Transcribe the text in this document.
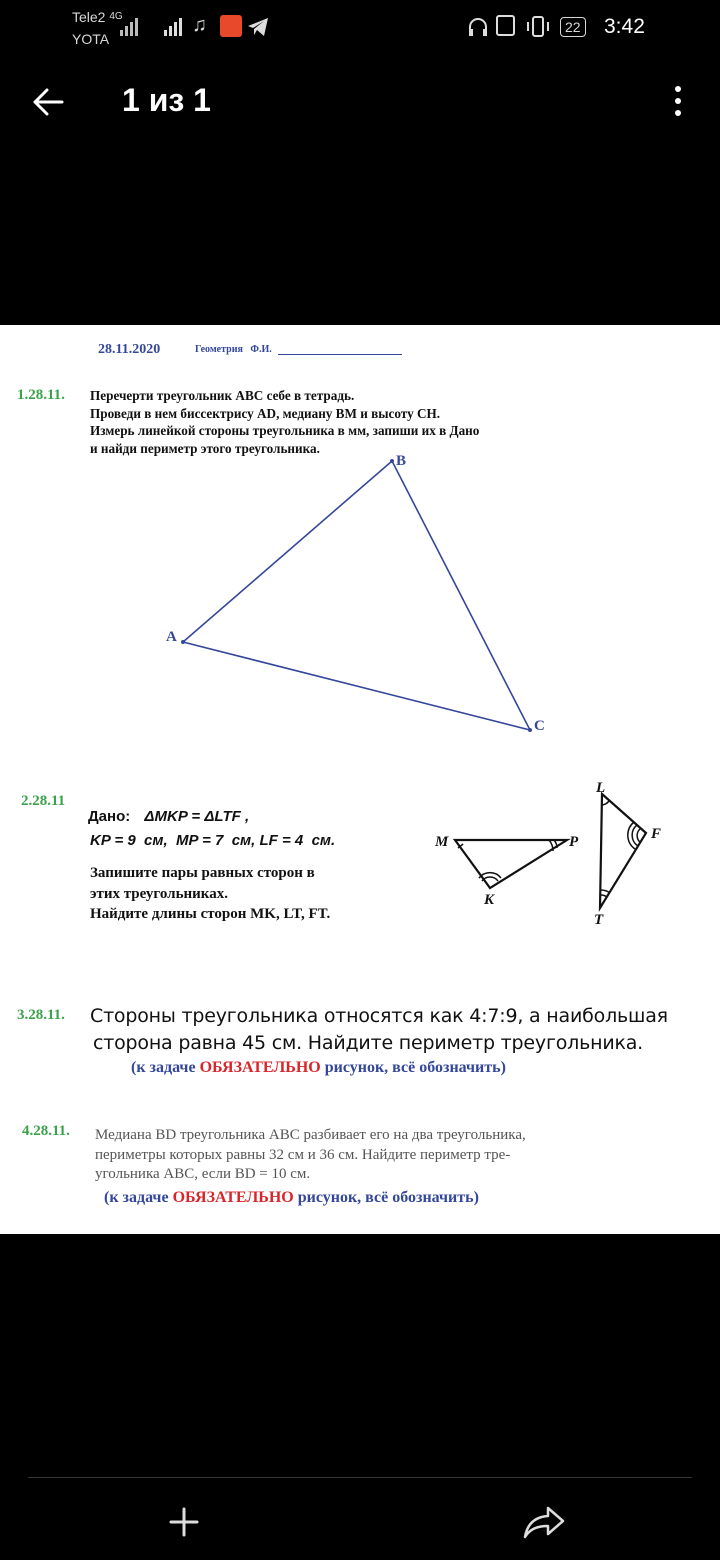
Tele2 $^{4G}$
YOTA
♫	22 3:42
1 из 1
28.11.2020	Геометрия   Ф.И.
1.28.11. Перечерти треугольник ABC себе в тетрадь.
Проведи в нем биссектрису AD, медиану BM и высоту CH.
Измерь линейкой стороны треугольника в мм, запиши их в Дано
и найди периметр этого треугольника.
A
B
C
2.28.11
Дано: ΔMKP = ΔLTF ,
KP = 9  см,  MP = 7  см, LF = 4  см.
Запишите пары равных сторон в
этих треугольниках.
Найдите длины сторон MK, LT, FT.
M	P
K
L
F
T
3.28.11. Стороны треугольника относятся как 4:7:9, а наибольшая
сторона равна 45 см. Найдите периметр треугольника.
(к задаче ОБЯЗАТЕЛЬНО рисунок, всё обозначить)
4.28.11. Медиана BD треугольника ABC разбивает его на два треугольника,
периметры которых равны 32 см и 36 см. Найдите периметр тре-
угольника ABC, если BD = 10 см.
(к задаче ОБЯЗАТЕЛЬНО рисунок, всё обозначить)
